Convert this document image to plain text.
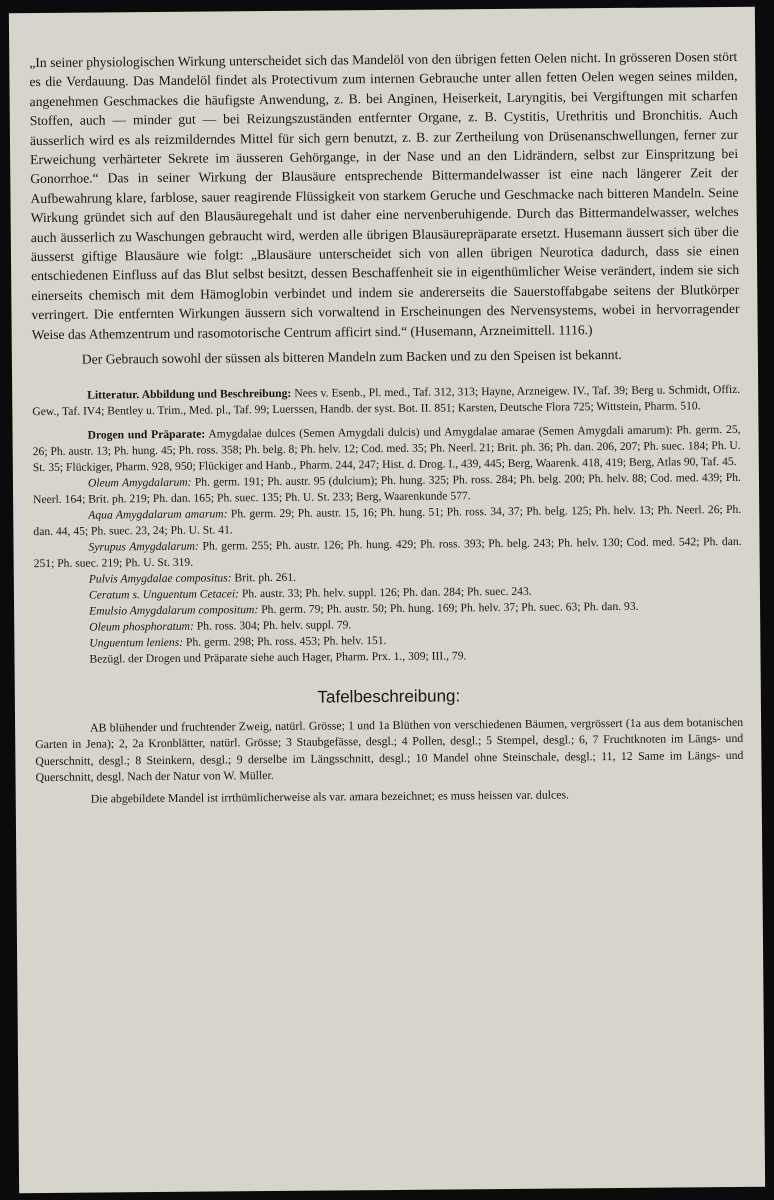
„In seiner physiologischen Wirkung unterscheidet sich das Mandelöl von den übrigen fetten Oelen nicht. In grösseren Dosen stört es die Verdauung. Das Mandelöl findet als Protectivum zum internen Gebrauche unter allen fetten Oelen wegen seines milden, angenehmen Geschmackes die häufigste Anwendung, z. B. bei Anginen, Heiserkeit, Laryngitis, bei Vergiftungen mit scharfen Stoffen, auch — minder gut — bei Reizungszuständen entfernter Organe, z. B. Cystitis, Urethritis und Bronchitis. Auch äusserlich wird es als reizmilderndes Mittel für sich gern benutzt, z. B. zur Zertheilung von Drüsenanschwellungen, ferner zur Erweichung verhärteter Sekrete im äusseren Gehörgange, in der Nase und an den Lidrändern, selbst zur Einspritzung bei Gonorrhoe.“ Das in seiner Wirkung der Blausäure entsprechende Bittermandelwasser ist eine nach längerer Zeit der Aufbewahrung klare, farblose, sauer reagirende Flüssigkeit von starkem Geruche und Geschmacke nach bitteren Mandeln. Seine Wirkung gründet sich auf den Blausäuregehalt und ist daher eine nervenberuhigende. Durch das Bittermandelwasser, welches auch äusserlich zu Waschungen gebraucht wird, werden alle übrigen Blausäurepräparate ersetzt. Husemann äussert sich über die äusserst giftige Blausäure wie folgt: „Blausäure unterscheidet sich von allen übrigen Neurotica dadurch, dass sie einen entschiedenen Einfluss auf das Blut selbst besitzt, dessen Beschaffenheit sie in eigenthümlicher Weise verändert, indem sie sich einerseits chemisch mit dem Hämoglobin verbindet und indem sie andererseits die Sauerstoffabgabe seitens der Blutkörper verringert. Die entfernten Wirkungen äussern sich vorwaltend in Erscheinungen des Nervensystems, wobei in hervorragender Weise das Athemzentrum und rasomotorische Centrum afficirt sind.“ (Husemann, Arzneimittell. 1116.)

Der Gebrauch sowohl der süssen als bitteren Mandeln zum Backen und zu den Speisen ist bekannt.

Litteratur. Abbildung und Beschreibung: Nees v. Esenb., Pl. med., Taf. 312, 313; Hayne, Arzneigew. IV., Taf. 39; Berg u. Schmidt, Offiz. Gew., Taf. IV4; Bentley u. Trim., Med. pl., Taf. 99; Luerssen, Handb. der syst. Bot. II. 851; Karsten, Deutsche Flora 725; Wittstein, Pharm. 510.

Drogen und Präparate: Amygdalae dulces (Semen Amygdali dulcis) und Amygdalae amarae (Semen Amygdali amarum): Ph. germ. 25, 26; Ph. austr. 13; Ph. hung. 45; Ph. ross. 358; Ph. belg. 8; Ph. helv. 12; Cod. med. 35; Ph. Neerl. 21; Brit. ph. 36; Ph. dan. 206, 207; Ph. suec. 184; Ph. U. St. 35; Flückiger, Pharm. 928, 950; Flückiger and Hanb., Pharm. 244, 247; Hist. d. Drog. I., 439, 445; Berg, Waarenk. 418, 419; Berg, Atlas 90, Taf. 45.

Oleum Amygdalarum: Ph. germ. 191; Ph. austr. 95 (dulcium); Ph. hung. 325; Ph. ross. 284; Ph. belg. 200; Ph. helv. 88; Cod. med. 439; Ph. Neerl. 164; Brit. ph. 219; Ph. dan. 165; Ph. suec. 135; Ph. U. St. 233; Berg, Waarenkunde 577.

Aqua Amygdalarum amarum: Ph. germ. 29; Ph. austr. 15, 16; Ph. hung. 51; Ph. ross. 34, 37; Ph. belg. 125; Ph. helv. 13; Ph. Neerl. 26; Ph. dan. 44, 45; Ph. suec. 23, 24; Ph. U. St. 41.

Syrupus Amygdalarum: Ph. germ. 255; Ph. austr. 126; Ph. hung. 429; Ph. ross. 393; Ph. belg. 243; Ph. helv. 130; Cod. med. 542; Ph. dan. 251; Ph. suec. 219; Ph. U. St. 319.

Pulvis Amygdalae compositus: Brit. ph. 261.

Ceratum s. Unguentum Cetacei: Ph. austr. 33; Ph. helv. suppl. 126; Ph. dan. 284; Ph. suec. 243.

Emulsio Amygdalarum compositum: Ph. germ. 79; Ph. austr. 50; Ph. hung. 169; Ph. helv. 37; Ph. suec. 63; Ph. dan. 93.

Oleum phosphoratum: Ph. ross. 304; Ph. helv. suppl. 79.

Unguentum leniens: Ph. germ. 298; Ph. ross. 453; Ph. helv. 151.

Bezügl. der Drogen und Präparate siehe auch Hager, Pharm. Prx. 1., 309; III., 79.

Tafelbeschreibung:

AB blühender und fruchtender Zweig, natürl. Grösse; 1 und 1a Blüthen von verschiedenen Bäumen, vergrössert (1a aus dem botanischen Garten in Jena); 2, 2a Kronblätter, natürl. Grösse; 3 Staubgefässe, desgl.; 4 Pollen, desgl.; 5 Stempel, desgl.; 6, 7 Fruchtknoten im Längs- und Querschnitt, desgl.; 8 Steinkern, desgl.; 9 derselbe im Längsschnitt, desgl.; 10 Mandel ohne Steinschale, desgl.; 11, 12 Same im Längs- und Querschnitt, desgl. Nach der Natur von W. Müller.

Die abgebildete Mandel ist irrthümlicherweise als var. amara bezeichnet; es muss heissen var. dulces.
